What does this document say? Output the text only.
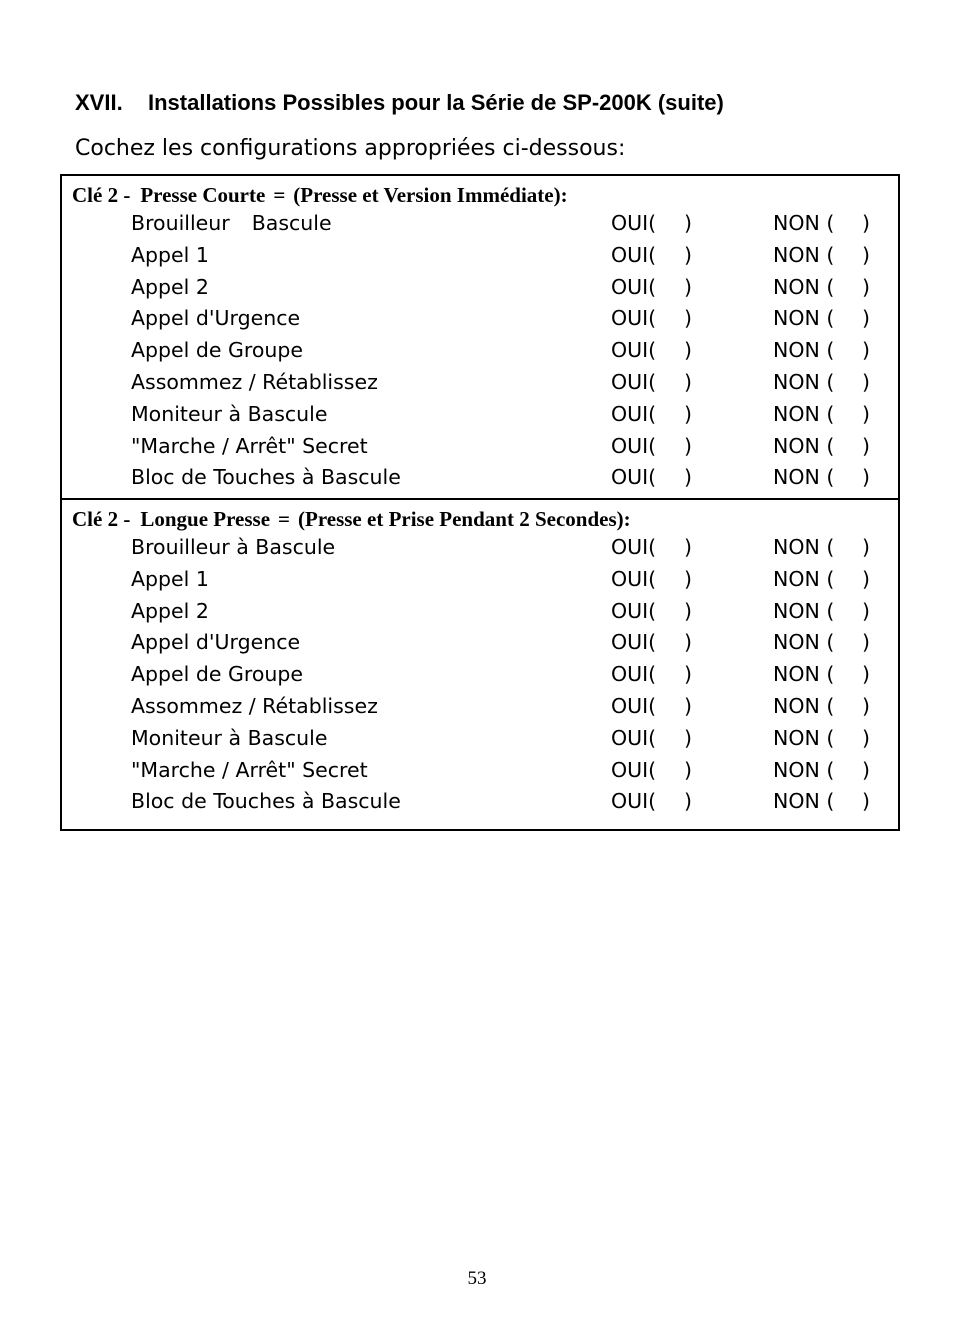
XVII. Installations Possibles pour la Série de SP-200K (suite)

Cochez les configurations appropriées ci-dessous:

Clé 2 - Presse Courte = (Presse et Version Immédiate):
Brouilleur Bascule	OUI( )	NON ( )
Appel 1	OUI( )	NON ( )
Appel 2	OUI( )	NON ( )
Appel d'Urgence	OUI( )	NON ( )
Appel de Groupe	OUI( )	NON ( )
Assommez / Rétablissez	OUI( )	NON ( )
Moniteur à Bascule	OUI( )	NON ( )
"Marche / Arrêt" Secret	OUI( )	NON ( )
Bloc de Touches à Bascule	OUI( )	NON ( )
Clé 2 - Longue Presse = (Presse et Prise Pendant 2 Secondes):
Brouilleur à Bascule	OUI( )	NON ( )
Appel 1	OUI( )	NON ( )
Appel 2	OUI( )	NON ( )
Appel d'Urgence	OUI( )	NON ( )
Appel de Groupe	OUI( )	NON ( )
Assommez / Rétablissez	OUI( )	NON ( )
Moniteur à Bascule	OUI( )	NON ( )
"Marche / Arrêt" Secret	OUI( )	NON ( )
Bloc de Touches à Bascule	OUI( )	NON ( )
53
